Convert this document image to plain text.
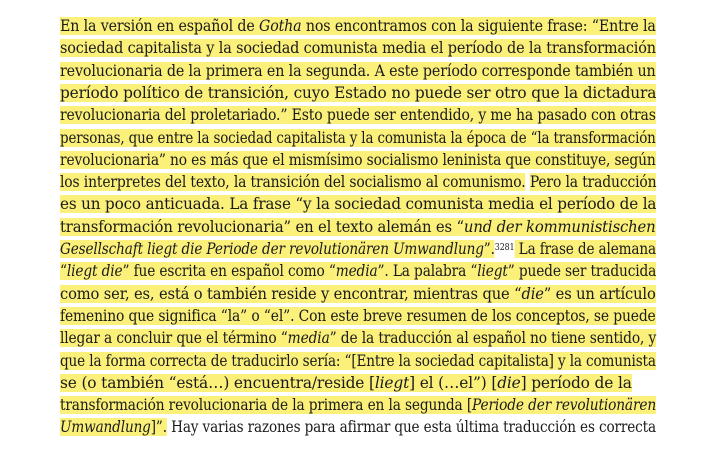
En la versión en español de Gotha nos encontramos con la siguiente frase: “Entre la
sociedad capitalista y la sociedad comunista media el período de la transformación
revolucionaria de la primera en la segunda. A este período corresponde también un
período político de transición, cuyo Estado no puede ser otro que la dictadura
revolucionaria del proletariado.” Esto puede ser entendido, y me ha pasado con otras
personas, que entre la sociedad capitalista y la comunista la época de “la transformación
revolucionaria” no es más que el mismísimo socialismo leninista que constituye, según
los interpretes del texto, la transición del socialismo al comunismo. Pero la traducción
es un poco anticuada. La frase “y la sociedad comunista media el período de la
transformación revolucionaria” en el texto alemán es “und der kommunistischen
Gesellschaft liegt die Periode der revolutionären Umwandlung”.$^{3281}$ La frase de alemana
“liegt die” fue escrita en español como “media”. La palabra “liegt” puede ser traducida
como ser, es, está o también reside y encontrar, mientras que “die” es un artículo
femenino que significa “la” o “el”. Con este breve resumen de los conceptos, se puede
llegar a concluir que el término “media” de la traducción al español no tiene sentido, y
que la forma correcta de traducirlo sería: “[Entre la sociedad capitalista] y la comunista
se (o también “está…) encuentra/reside [liegt] el (…el”) [die] período de la
transformación revolucionaria de la primera en la segunda [Periode der revolutionären
Umwandlung]”. Hay varias razones para afirmar que esta última traducción es correcta
